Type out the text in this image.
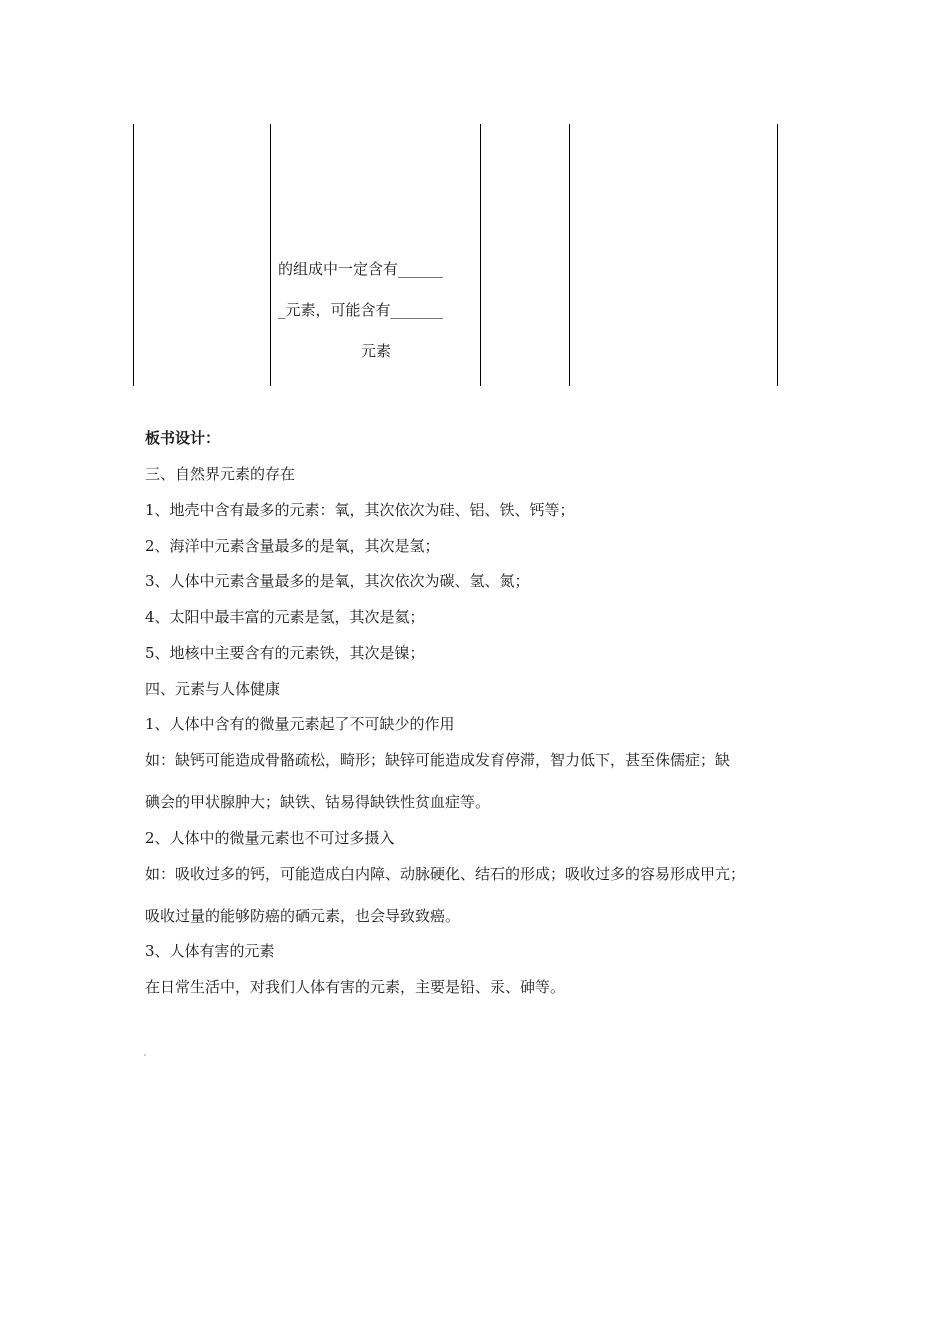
的组成中一定含有______
_元素，可能含有_______
元素
板书设计：
三、自然界元素的存在
1、地壳中含有最多的元素：氧，其次依次为硅、铝、铁、钙等；
2、海洋中元素含量最多的是氧，其次是氢；
3、人体中元素含量最多的是氧，其次依次为碳、氢、氮；
4、太阳中最丰富的元素是氢，其次是氦；
5、地核中主要含有的元素铁，其次是镍；
四、元素与人体健康
1、人体中含有的微量元素起了不可缺少的作用
如：缺钙可能造成骨骼疏松，畸形；缺锌可能造成发育停滞，智力低下，甚至侏儒症；缺
碘会的甲状腺肿大；缺铁、钴易得缺铁性贫血症等。
2、人体中的微量元素也不可过多摄入
如：吸收过多的钙，可能造成白内障、动脉硬化、结石的形成；吸收过多的容易形成甲亢；
吸收过量的能够防癌的硒元素，也会导致致癌。
3、人体有害的元素
在日常生活中，对我们人体有害的元素，主要是铅、汞、砷等。
